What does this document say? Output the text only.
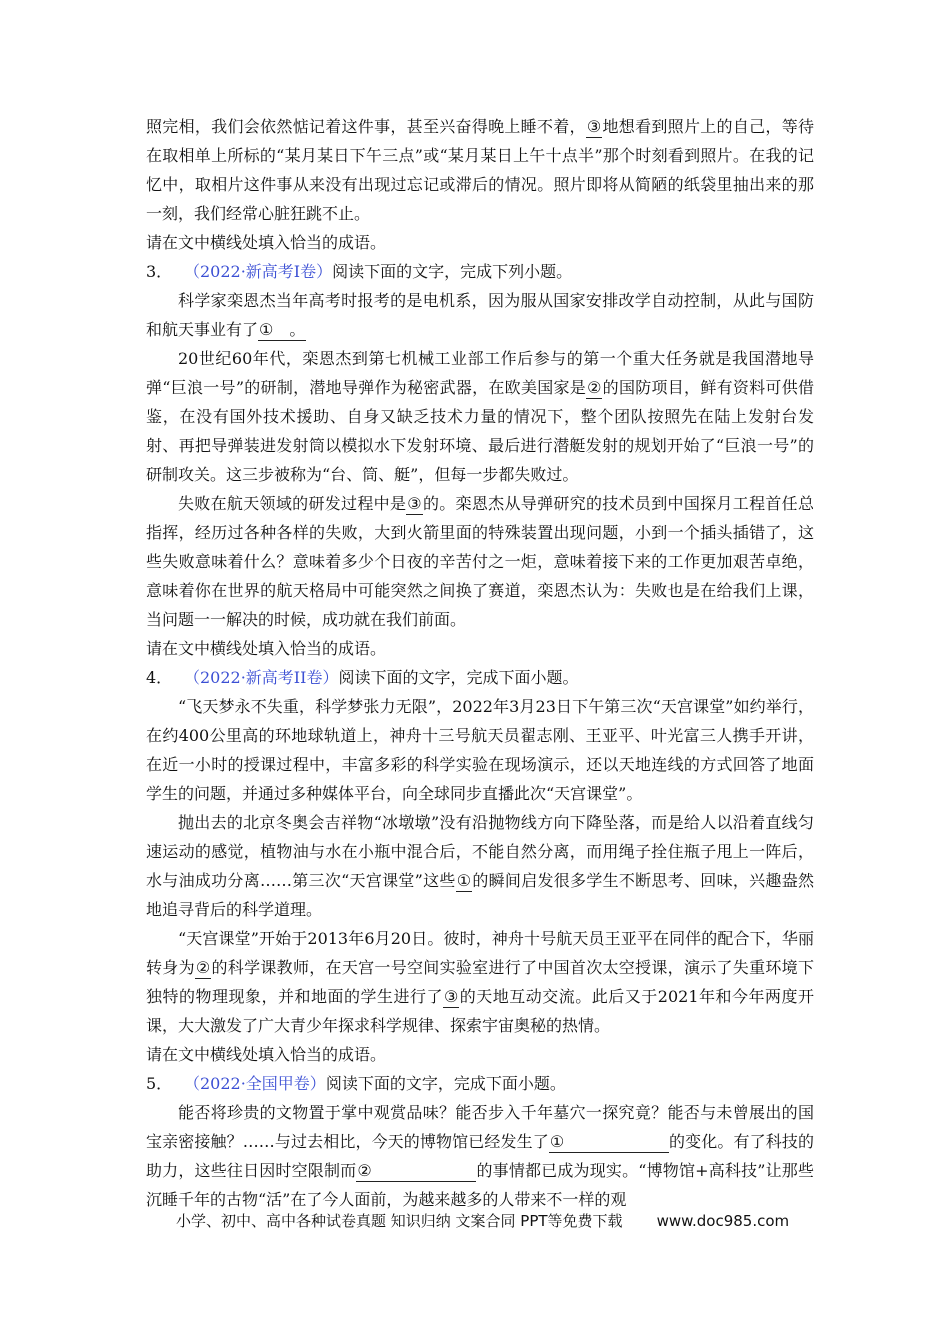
照完相，我们会依然惦记着这件事，甚至兴奋得晚上睡不着，③地想看到照片上的自己，等待在取相单上所标的“某月某日下午三点”或“某月某日上午十点半”那个时刻看到照片。在我的记忆中，取相片这件事从来没有出现过忘记或滞后的情况。照片即将从简陋的纸袋里抽出来的那一刻，我们经常心脏狂跳不止。

请在文中横线处填入恰当的成语。

3． （2022·新高考I卷）阅读下面的文字，完成下列小题。

科学家栾恩杰当年高考时报考的是电机系，因为服从国家安排改学自动控制，从此与国防和航天事业有了①　 。

20世纪60年代，栾恩杰到第七机械工业部工作后参与的第一个重大任务就是我国潜地导弹“巨浪一号”的研制，潜地导弹作为秘密武器，在欧美国家是②的国防项目，鲜有资料可供借鉴，在没有国外技术援助、自身又缺乏技术力量的情况下，整个团队按照先在陆上发射台发射、再把导弹装进发射筒以模拟水下发射环境、最后进行潜艇发射的规划开始了“巨浪一号”的研制攻关。这三步被称为“台、筒、艇”，但每一步都失败过。

失败在航天领域的研发过程中是③的。栾恩杰从导弹研究的技术员到中国探月工程首任总指挥，经历过各种各样的失败，大到火箭里面的特殊装置出现问题，小到一个插头插错了，这些失败意味着什么？意味着多少个日夜的辛苦付之一炬，意味着接下来的工作更加艰苦卓绝，意味着你在世界的航天格局中可能突然之间换了赛道，栾恩杰认为：失败也是在给我们上课，当问题一一解决的时候，成功就在我们前面。

请在文中横线处填入恰当的成语。

4． （2022·新高考II卷）阅读下面的文字，完成下面小题。

“飞天梦永不失重，科学梦张力无限”，2022年3月23日下午第三次“天宫课堂”如约举行，在约400公里高的环地球轨道上，神舟十三号航天员翟志刚、王亚平、叶光富三人携手开讲，在近一小时的授课过程中，丰富多彩的科学实验在现场演示，还以天地连线的方式回答了地面学生的问题，并通过多种媒体平台，向全球同步直播此次“天宫课堂”。

抛出去的北京冬奥会吉祥物“冰墩墩”没有沿抛物线方向下降坠落，而是给人以沿着直线匀速运动的感觉，植物油与水在小瓶中混合后，不能自然分离，而用绳子拴住瓶子甩上一阵后，水与油成功分离……第三次“天宫课堂”这些①的瞬间启发很多学生不断思考、回味，兴趣盎然地追寻背后的科学道理。

“天宫课堂”开始于2013年6月20日。彼时，神舟十号航天员王亚平在同伴的配合下，华丽转身为②的科学课教师，在天宫一号空间实验室进行了中国首次太空授课，演示了失重环境下独特的物理现象，并和地面的学生进行了③的天地互动交流。此后又于2021年和今年两度开课，大大激发了广大青少年探求科学规律、探索宇宙奥秘的热情。

请在文中横线处填入恰当的成语。

5． （2022·全国甲卷）阅读下面的文字，完成下面小题。

能否将珍贵的文物置于掌中观赏品味？能否步入千年墓穴一探究竟？能否与未曾展出的国宝亲密接触？……与过去相比，今天的博物馆已经发生了①	的变化。有了科技的助力，这些往日因时空限制而②	的事情都已成为现实。“博物馆+高科技”让那些沉睡千年的古物“活”在了今人面前，为越来越多的人带来不一样的观

小学、初中、高中各种试卷真题 知识归纳 文案合同 PPT等免费下载 www.doc985.com
